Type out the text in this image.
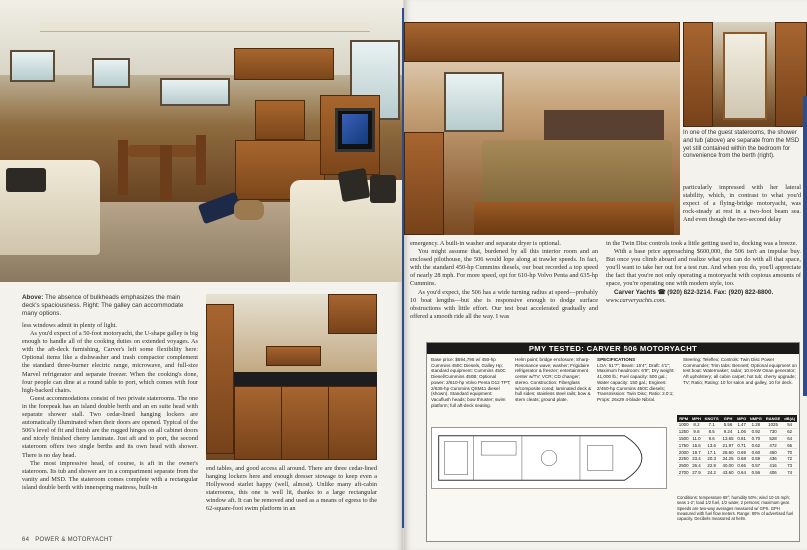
Above: The absence of bulkheads emphasizes the main deck's spaciousness. Right: The galley can accommodate many options.

less windows admit in plenty of light.

As you'd expect of a 50-foot motoryacht, the U-shape galley is big enough to handle all of the cooking duties on extended voyages. As with the aft-deck furnishing, Carver's left some flexibility here: Optional items like a dishwasher and trash compactor complement the standard three-burner electric range, microwave, and full-size Marvel refrigerator and separate freezer. When the cooking's done, four people can dine at a round table to port, which comes with four high-backed chairs.

Guest accommodations consist of two private staterooms. The one in the forepeak has an island double berth and an en suite head with separate shower stall. Two cedar-lined hanging lockers are automatically illuminated when their doors are opened. Typical of the 506's level of fit and finish are the rugged hinges on all cabinet doors and nicely finished cherry laminate. Just aft and to port, the second stateroom offers two single berths and its own head with shower. There is no day head.

The most impressive head, of course, is aft in the owner's stateroom. Its tub and shower are in a compartment separate from the vanity and MSD. The stateroom comes complete with a rectangular island double berth with innerspring mattress, built-in

end tables, and good access all around. There are three cedar-lined hanging lockers here and enough dresser stowage to keep even a Hollywood starlet happy (well, almost). Unlike many aft-cabin staterooms, this one is well lit, thanks to a large rectangular window aft. It can be removed and used as a means of egress to the 62-square-foot swim platform in an

64 POWER & MOTORYACHT
In one of the guest staterooms, the shower and tub (above) are separate from the MSD yet still contained within the bedroom for convenience from the berth (right).

particularly impressed with her lateral stability, which, in contrast to what you'd expect of a flying-bridge motoryacht, was rock-steady at rest in a two-foot beam sea. And even though the two-second delay

emergency. A built-in washer and separate dryer is optional.

You might assume that, burdened by all this interior room and an enclosed pilothouse, the 506 would lope along at trawler speeds. In fact, with the standard 450-hp Cummins diesels, our boat recorded a top speed of nearly 28 mph. For more speed, opt for 610-hp Volvo Penta and 635-hp Cummins.

As you'd expect, the 506 has a wide turning radius at speed—probably 10 boat lengths—but she is responsive enough to dodge surface obstructions with little effort. Our test boat accelerated gradually and offered a smooth ride all the way. I was

in the Twin Disc controls took a little getting used to, docking was a breeze.

With a base price approaching $600,000, the 506 isn't an impulse buy. But once you climb aboard and realize what you can do with all that space, you'll want to take her out for a test run. And when you do, you'll appreciate the fact that you're not only operating a motoryacht with copious amounts of space, you're operating one with modern style, too.

Carver Yachts ☎ (920) 822-3214. Fax: (920) 822-8800.

www.carveryachts.com.

PMY TESTED: CARVER 506 MOTORYACHT
Base price: $594,795 w/ 450-hp Cummins 450C Diesels, Galley Hp; standard equipment: Cummins 450C Diesel/Cummins 450B; Optional power: 2/610-hp Volvo Penta D12 TPT; 2/635-hp Cummins QSM11 diesel (shown). Standard equipment: Vacuflush heads; bow thruster; swim platform; full aft-deck seating.
Helm paint; bridge enclosure; Sharp-Resonance wave; washer; Frigidaire refrigerator & freezer; entertainment center w/TV; VCR; CD changer; stereo. Construction: Fiberglass w/composite cored; laminated deck & hull sides; stainless steel rails; bow & stern cleats; ground plate.
SPECIFICATIONS
LOA: 51'7"; Beam: 15'4"; Draft: 4'1"; Maximum headroom: 6'8"; Dry weight: 41,000 lb.; Fuel capacity: 500 gal.; Water capacity: 150 gal.; Engines: 2/450-hp Cummins 450C diesels; Transmission: Twin Disc; Ratio: 2.0:1; Props: 26x29 4-blade Nibral.
Steering: Teleflex; Controls: Twin Disc Power Commander; Trim tabs: Bennett; Optional equipment on test boat: Watermaker; radar; 10.8-kW Onan generator; Aft upholstery; all cabin carpet; hot tub; cherry upgrade; TV; Ratio; Rating: 10 for salon and galley, 10 for deck.
RPM	MPH	KNOTS	GPH	MPG	NMPG	RANGE	dB(A)
1000	8.2	7.1	5.56	1.47	1.28	1025	54
1250	9.8	8.5	9.24	1.06	0.92	730	62
1500	11.0	9.6	13.65	0.81	0.70	528	64
1750	15.6	13.6	21.97	0.71	0.62	472	66
2000	19.7	17.1	28.60	0.69	0.60	450	70
2250	23.4	20.3	34.25	0.68	0.59	436	72
2500	26.4	22.9	40.00	0.66	0.57	416	73
2700	27.9	24.2	43.60	0.64	0.56	406	74
Conditions: temperature 68°; humidity 50%; wind 10-15 mph; seas 1-2'; load 1/2 fuel, 1/2 water, 2 persons; maximum gear. Speeds are two-way averages measured w/ GPS. GPH measured with fuel flow meters. Range: 90% of advertised fuel capacity. Decibels measured at helm.
